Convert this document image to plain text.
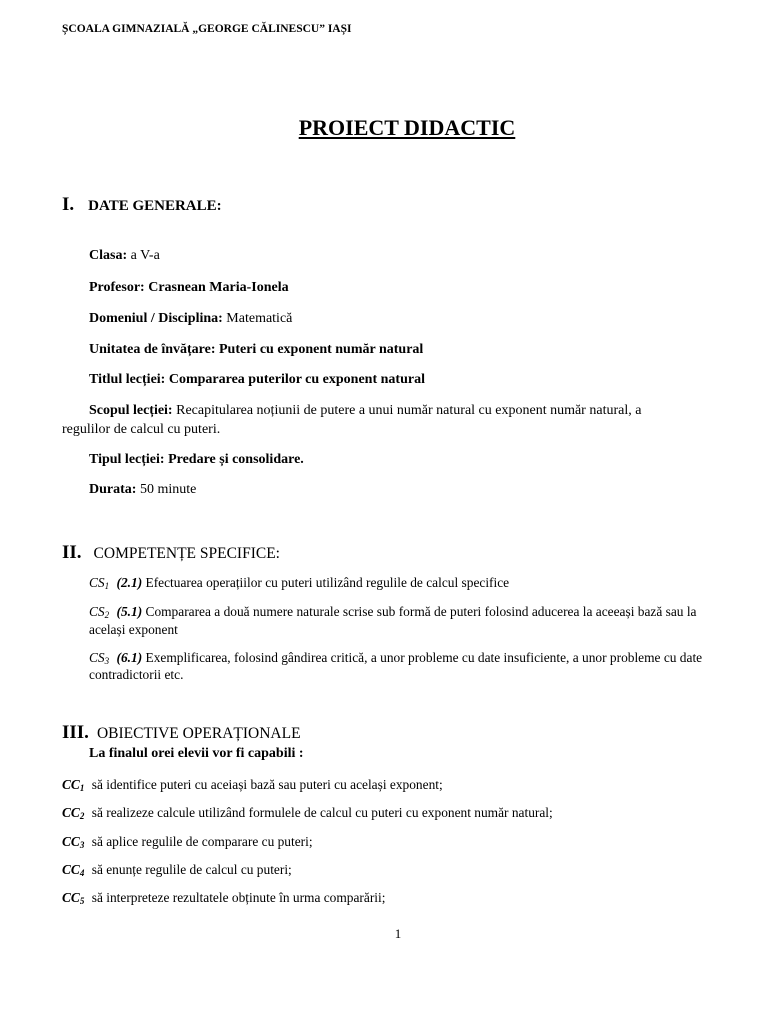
ȘCOALA GIMNAZIALĂ „GEORGE CĂLINESCU” IAȘI
PROIECT DIDACTIC
I. DATE GENERALE:
Clasa: a V-a
Profesor: Crasnean Maria-Ionela
Domeniul / Disciplina: Matematică
Unitatea de învățare: Puteri cu exponent număr natural
Titlul lecției: Compararea puterilor cu exponent natural
Scopul lecției: Recapitularea noțiunii de putere a unui număr natural cu exponent număr natural, a
regulilor de calcul cu puteri.
Tipul lecției: Predare și consolidare.
Durata: 50 minute
II. COMPETENȚE SPECIFICE:
$CS_1$ (2.1) Efectuarea operațiilor cu puteri utilizând regulile de calcul specifice
$CS_2$ (5.1) Compararea a două numere naturale scrise sub formă de puteri folosind aducerea la aceeași bază sau la
același exponent
$CS_3$ (6.1) Exemplificarea, folosind gândirea critică, a unor probleme cu date insuficiente, a unor probleme cu date
contradictorii etc.
III. OBIECTIVE OPERAȚIONALE
La finalul orei elevii vor fi capabili :
$CC_1$ să identifice puteri cu aceiași bază sau puteri cu același exponent;
$CC_2$ să realizeze calcule utilizând formulele de calcul cu puteri cu exponent număr natural;
$CC_3$ să aplice regulile de comparare cu puteri;
$CC_4$ să enunțe regulile de calcul cu puteri;
$CC_5$ să interpreteze rezultatele obținute în urma comparării;
1
